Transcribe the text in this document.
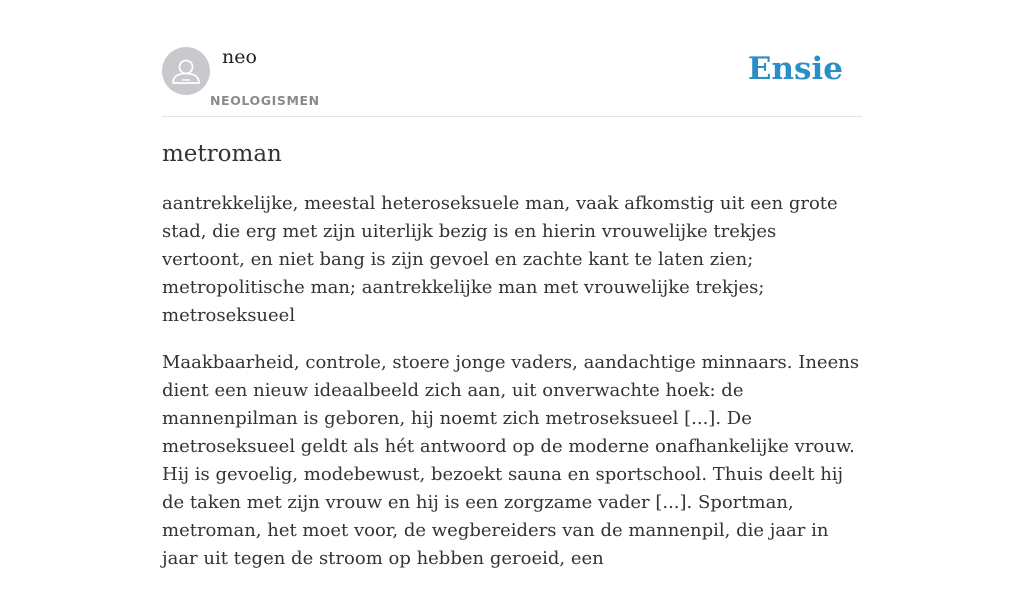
neo
NEOLOGISMEN
Ensie
metroman

aantrekkelijke, meestal heteroseksuele man, vaak afkomstig uit een grote stad, die erg met zijn uiterlijk bezig is en hierin vrouwelijke trekjes vertoont, en niet bang is zijn gevoel en zachte kant te laten zien; metropolitische man; aantrekkelijke man met vrouwelijke trekjes; metroseksueel

Maakbaarheid, controle, stoere jonge vaders, aandachtige minnaars. Ineens dient een nieuw ideaalbeeld zich aan, uit onverwachte hoek: de mannenpilman is geboren, hij noemt zich metroseksueel [...]. De metroseksueel geldt als hét antwoord op de moderne onafhankelijke vrouw. Hij is gevoelig, modebewust, bezoekt sauna en sportschool. Thuis deelt hij de taken met zijn vrouw en hij is een zorgzame vader [...]. Sportman, metroman, het moet voor, de wegbereiders van de mannenpil, die jaar in jaar uit tegen de stroom op hebben geroeid, een
